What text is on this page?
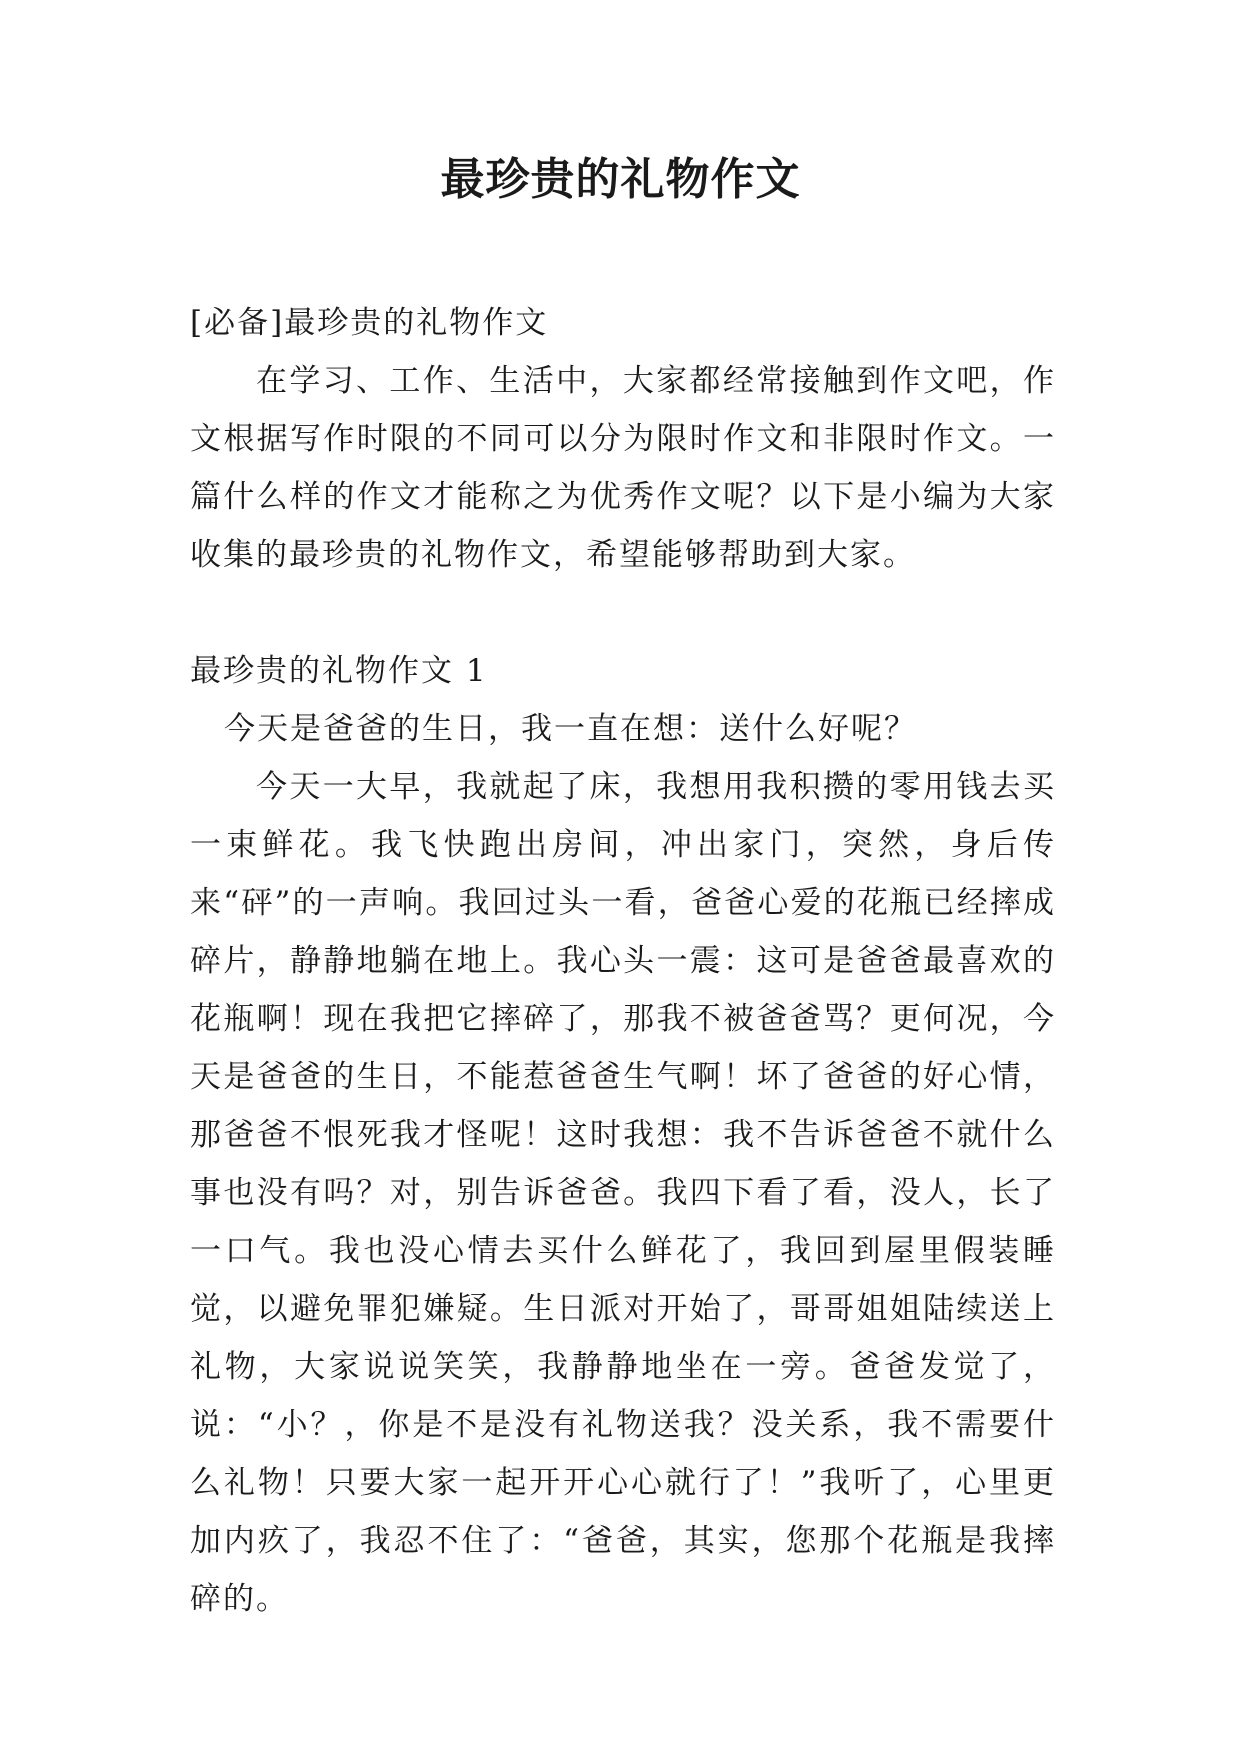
最珍贵的礼物作文

[必备]最珍贵的礼物作文

在学习、工作、生活中，大家都经常接触到作文吧，作文根据写作时限的不同可以分为限时作文和非限时作文。一篇什么样的作文才能称之为优秀作文呢？以下是小编为大家收集的最珍贵的礼物作文，希望能够帮助到大家。

最珍贵的礼物作文 1

今天是爸爸的生日，我一直在想：送什么好呢？

今天一大早，我就起了床，我想用我积攒的零用钱去买一束鲜花。我飞快跑出房间，冲出家门，突然，身后传来“砰”的一声响。我回过头一看，爸爸心爱的花瓶已经摔成碎片，静静地躺在地上。我心头一震：这可是爸爸最喜欢的花瓶啊！现在我把它摔碎了，那我不被爸爸骂？更何况，今天是爸爸的生日，不能惹爸爸生气啊！坏了爸爸的好心情，那爸爸不恨死我才怪呢！这时我想：我不告诉爸爸不就什么事也没有吗？对，别告诉爸爸。我四下看了看，没人，长了一口气。我也没心情去买什么鲜花了，我回到屋里假装睡觉，以避免罪犯嫌疑。生日派对开始了，哥哥姐姐陆续送上礼物，大家说说笑笑，我静静地坐在一旁。爸爸发觉了，说：“小？，你是不是没有礼物送我？没关系，我不需要什么礼物！只要大家一起开开心心就行了！”我听了，心里更加内疚了，我忍不住了：“爸爸，其实，您那个花瓶是我摔碎的。
